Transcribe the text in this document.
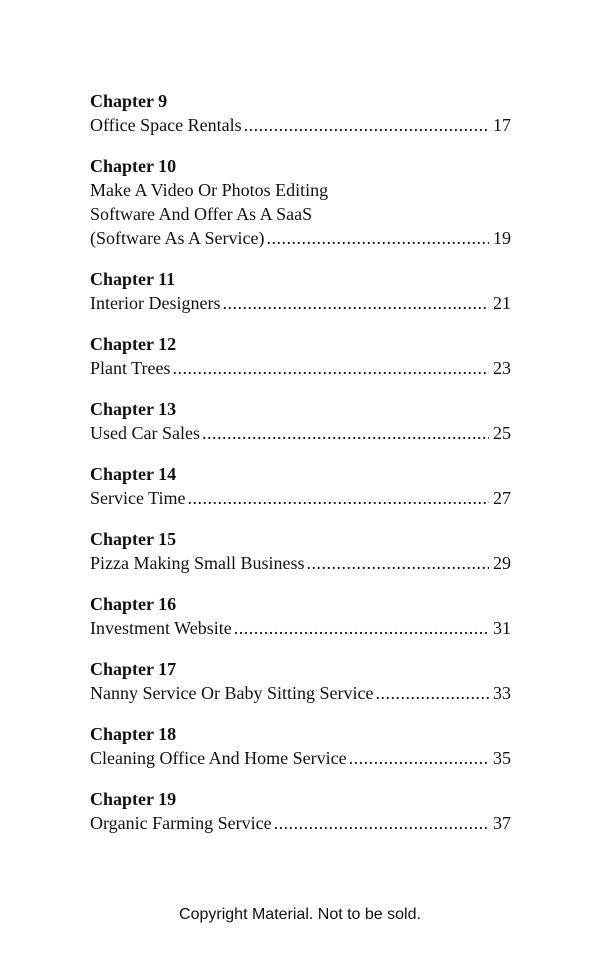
Chapter 9
Office Space Rentals .....	17
Chapter 10
Make A Video Or Photos Editing
Software And Offer As A SaaS
(Software As A Service) .....	19
Chapter 11
Interior Designers .....	21
Chapter 12
Plant Trees .....	23
Chapter 13
Used Car Sales .....	25
Chapter 14
Service Time .....	27
Chapter 15
Pizza Making Small Business .....	29
Chapter 16
Investment Website .....	31
Chapter 17
Nanny Service Or Baby Sitting Service .....	33
Chapter 18
Cleaning Office And Home Service .....	35
Chapter 19
Organic Farming Service .....	37
Copyright Material. Not to be sold.
